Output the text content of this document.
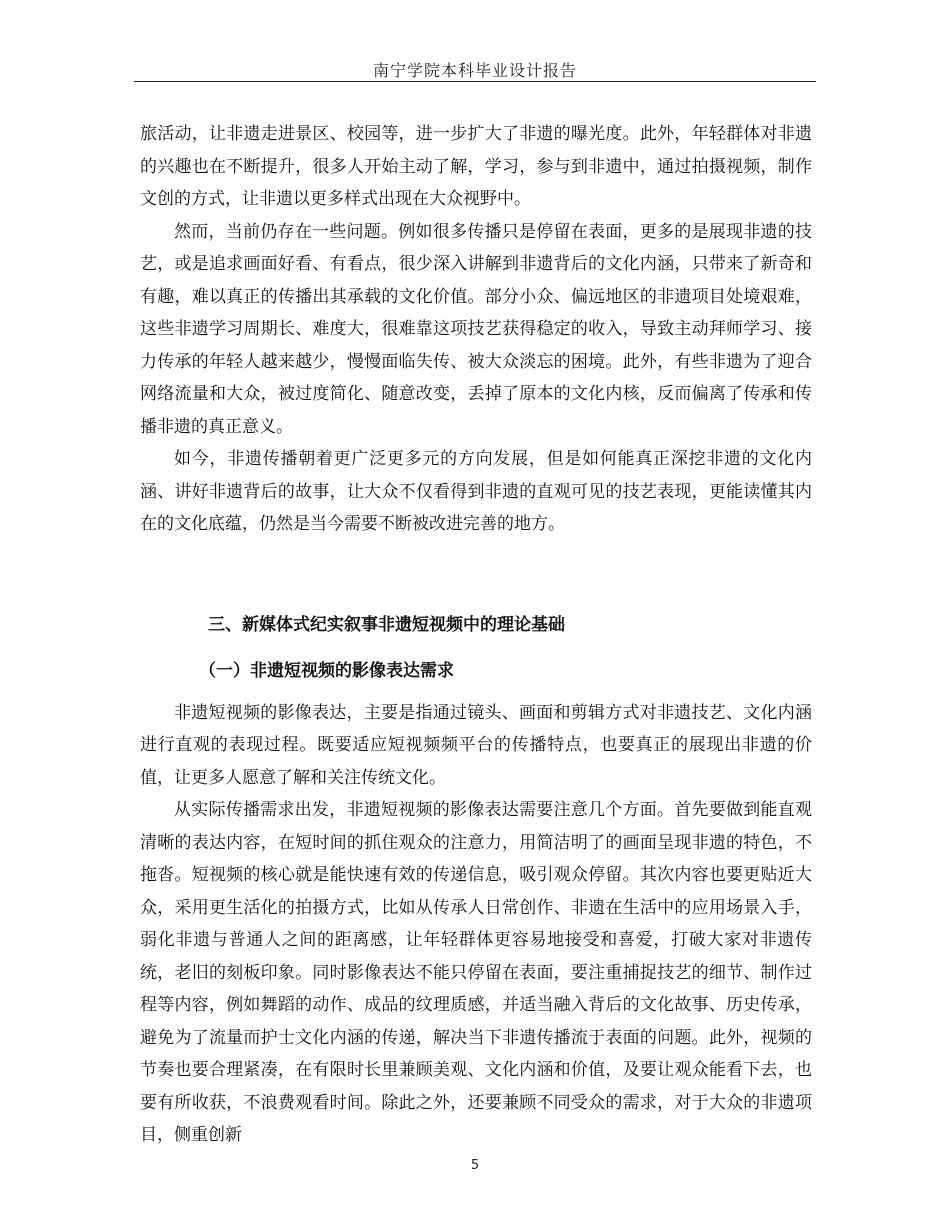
南宁学院本科毕业设计报告

旅活动，让非遗走进景区、校园等，进一步扩大了非遗的曝光度。此外，年轻群体对非遗的兴趣也在不断提升，很多人开始主动了解，学习，参与到非遗中，通过拍摄视频，制作文创的方式，让非遗以更多样式出现在大众视野中。

然而，当前仍存在一些问题。例如很多传播只是停留在表面，更多的是展现非遗的技艺，或是追求画面好看、有看点，很少深入讲解到非遗背后的文化内涵，只带来了新奇和有趣，难以真正的传播出其承载的文化价值。部分小众、偏远地区的非遗项目处境艰难，这些非遗学习周期长、难度大，很难靠这项技艺获得稳定的收入，导致主动拜师学习、接力传承的年轻人越来越少，慢慢面临失传、被大众淡忘的困境。此外，有些非遗为了迎合网络流量和大众，被过度简化、随意改变，丢掉了原本的文化内核，反而偏离了传承和传播非遗的真正意义。

如今，非遗传播朝着更广泛更多元的方向发展，但是如何能真正深挖非遗的文化内涵、讲好非遗背后的故事，让大众不仅看得到非遗的直观可见的技艺表现，更能读懂其内在的文化底蕴，仍然是当今需要不断被改进完善的地方。

三、新媒体式纪实叙事非遗短视频中的理论基础
（一）非遗短视频的影像表达需求

非遗短视频的影像表达，主要是指通过镜头、画面和剪辑方式对非遗技艺、文化内涵进行直观的表现过程。既要适应短视频频平台的传播特点，也要真正的展现出非遗的价值，让更多人愿意了解和关注传统文化。

从实际传播需求出发，非遗短视频的影像表达需要注意几个方面。首先要做到能直观清晰的表达内容，在短时间的抓住观众的注意力，用简洁明了的画面呈现非遗的特色，不拖沓。短视频的核心就是能快速有效的传递信息，吸引观众停留。其次内容也要更贴近大众，采用更生活化的拍摄方式，比如从传承人日常创作、非遗在生活中的应用场景入手，弱化非遗与普通人之间的距离感，让年轻群体更容易地接受和喜爱，打破大家对非遗传统，老旧的刻板印象。同时影像表达不能只停留在表面，要注重捕捉技艺的细节、制作过程等内容，例如舞蹈的动作、成品的纹理质感，并适当融入背后的文化故事、历史传承，避免为了流量而护士文化内涵的传递，解决当下非遗传播流于表面的问题。此外，视频的节奏也要合理紧凑，在有限时长里兼顾美观、文化内涵和价值，及要让观众能看下去，也要有所收获，不浪费观看时间。除此之外，还要兼顾不同受众的需求，对于大众的非遗项目，侧重创新

5
